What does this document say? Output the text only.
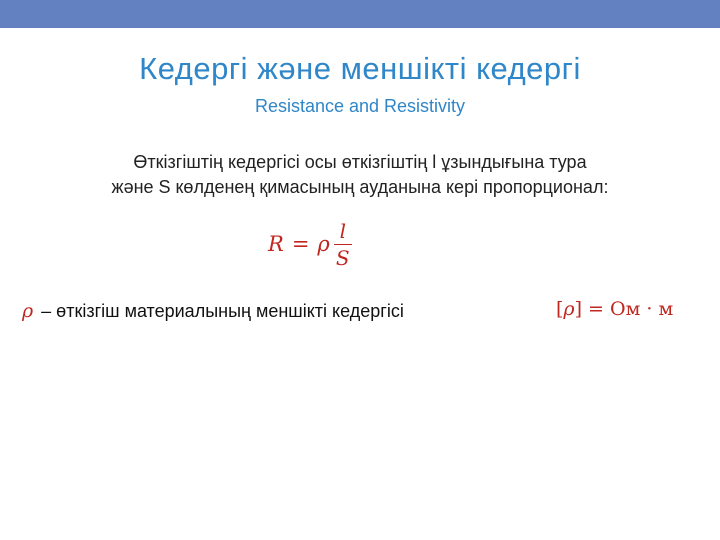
Кедергі және меншікті кедергі
Resistance and Resistivity
Өткізгіштің кедергісі осы өткізгіштің l ұзындығына тура
және S көлденең қимасының ауданына кері пропорционал:
R = ρ $\frac{l}{S}$
ρ – өткізгіш материалының меншікті кедергісі	[ρ] = Ом · м
